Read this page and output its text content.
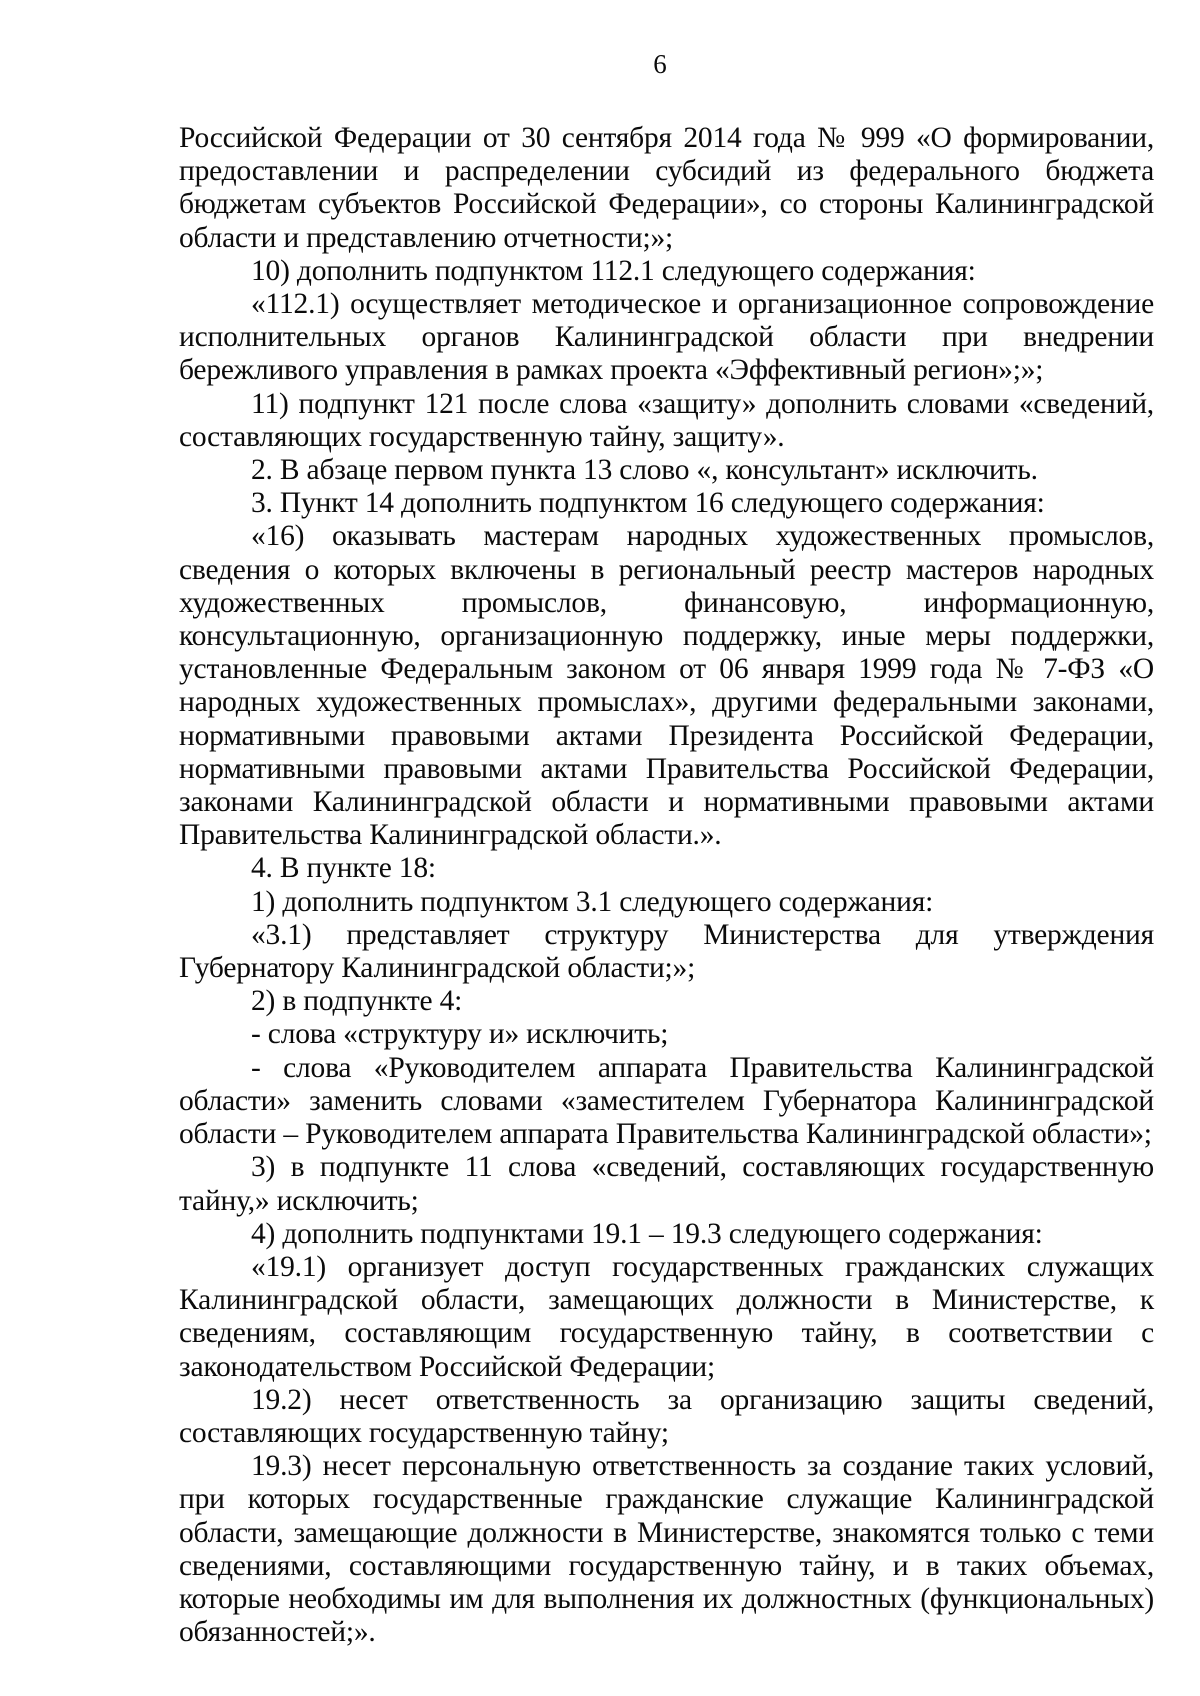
6

Российской Федерации от 30 сентября 2014 года № 999 «О формировании, предоставлении и распределении субсидий из федерального бюджета бюджетам субъектов Российской Федерации», со стороны Калининградской области и представлению отчетности;»;

10) дополнить подпунктом 112.1 следующего содержания:

«112.1) осуществляет методическое и организационное сопровождение исполнительных органов Калининградской области при внедрении бережливого управления в рамках проекта «Эффективный регион»;»;

11) подпункт 121 после слова «защиту» дополнить словами «сведений, составляющих государственную тайну, защиту».

2. В абзаце первом пункта 13 слово «, консультант» исключить.

3. Пункт 14 дополнить подпунктом 16 следующего содержания:

«16) оказывать мастерам народных художественных промыслов, сведения о которых включены в региональный реестр мастеров народных художественных промыслов, финансовую, информационную, консультационную, организационную поддержку, иные меры поддержки, установленные Федеральным законом от 06 января 1999 года № 7-ФЗ «О народных художественных промыслах», другими федеральными законами, нормативными правовыми актами Президента Российской Федерации, нормативными правовыми актами Правительства Российской Федерации, законами Калининградской области и нормативными правовыми актами Правительства Калининградской области.».

4. В пункте 18:

1) дополнить подпунктом 3.1 следующего содержания:

«3.1) представляет структуру Министерства для утверждения Губернатору Калининградской области;»;

2) в подпункте 4:

- слова «структуру и» исключить;

- слова «Руководителем аппарата Правительства Калининградской области» заменить словами «заместителем Губернатора Калининградской области – Руководителем аппарата Правительства Калининградской области»;

3) в подпункте 11 слова «сведений, составляющих государственную тайну,» исключить;

4) дополнить подпунктами 19.1 – 19.3 следующего содержания:

«19.1) организует доступ государственных гражданских служащих Калининградской области, замещающих должности в Министерстве, к сведениям, составляющим государственную тайну, в соответствии с законодательством Российской Федерации;

19.2) несет ответственность за организацию защиты сведений, составляющих государственную тайну;

19.3) несет персональную ответственность за создание таких условий, при которых государственные гражданские служащие Калининградской области, замещающие должности в Министерстве, знакомятся только с теми сведениями, составляющими государственную тайну, и в таких объемах, которые необходимы им для выполнения их должностных (функциональных) обязанностей;».
